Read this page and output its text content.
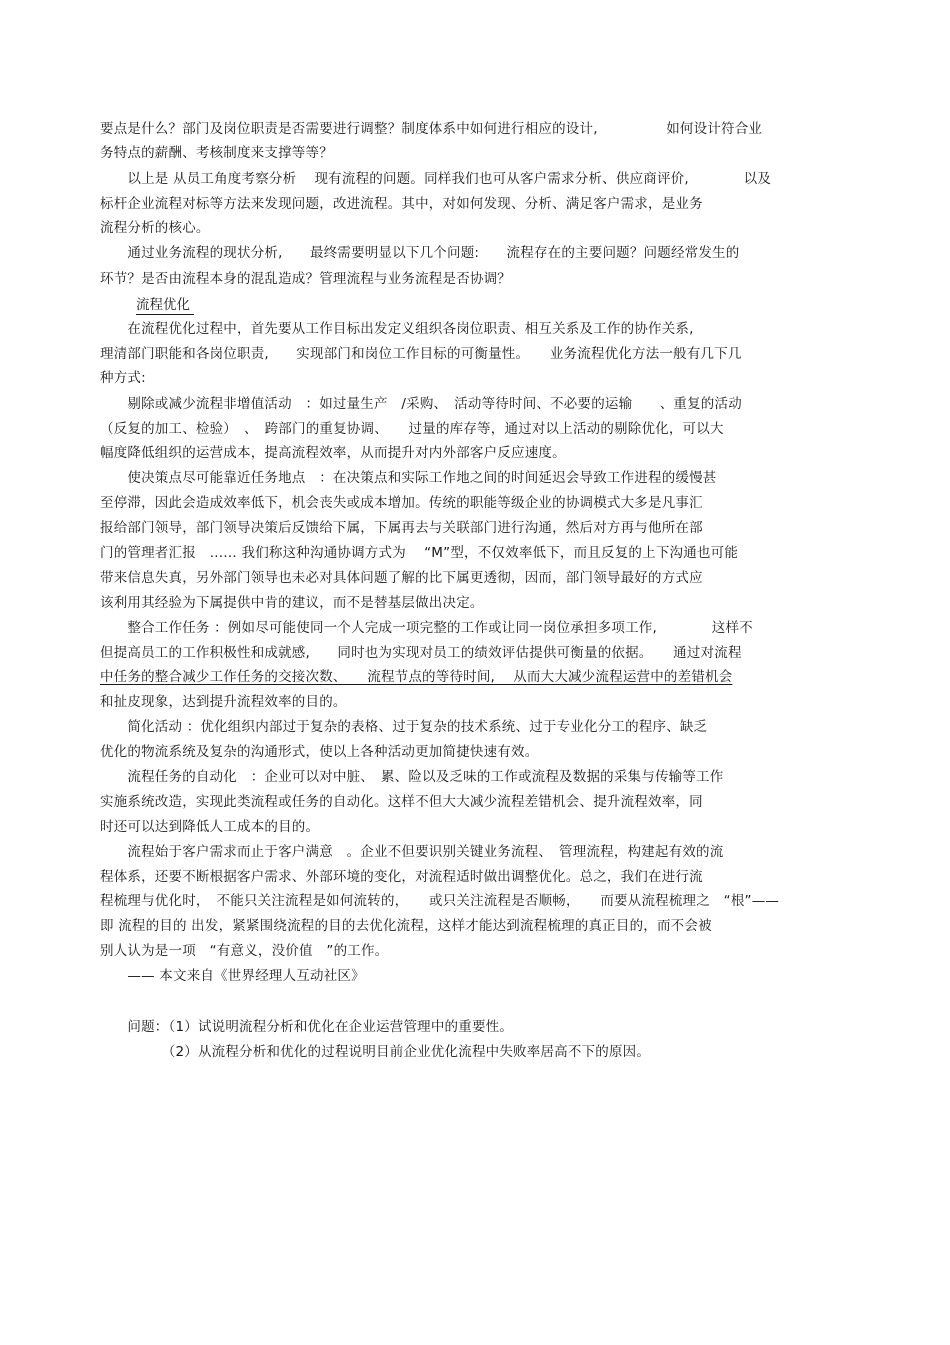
要点是什么？部门及岗位职责是否需要进行调整？制度体系中如何进行相应的设计,　　　　　如何设计符合业
务特点的薪酬、考核制度来支撑等等？
　　以上是 从员工角度考察分析　 现有流程的问题。同样我们也可从客户需求分析、供应商评价,　　　　以及
标杆企业流程对标等方法来发现问题，改进流程。其中，对如何发现、分析、满足客户需求，是业务
流程分析的核心。
　　通过业务流程的现状分析,　　最终需要明显以下几个问题:　　流程存在的主要问题？问题经常发生的
环节？是否由流程本身的混乱造成？管理流程与业务流程是否协调？
流程优化
　　在流程优化过程中，首先要从工作目标出发定义组织各岗位职责、相互关系及工作的协作关系,
理清部门职能和各岗位职责,　　实现部门和岗位工作目标的可衡量性。　　业务流程优化方法一般有几下几
种方式:
　　剔除或减少流程非增值活动　：如过量生产　/采购、　活动等待时间、不必要的运输　　、重复的活动
（反复的加工、检验）　、　跨部门的重复协调、　　过量的库存等，通过对以上活动的剔除优化，可以大
幅度降低组织的运营成本，提高流程效率，从而提升对内外部客户反应速度。
　　使决策点尽可能靠近任务地点　：在决策点和实际工作地之间的时间延迟会导致工作进程的缓慢甚
至停滞，因此会造成效率低下，机会丧失或成本增加。传统的职能等级企业的协调模式大多是凡事汇
报给部门领导，部门领导决策后反馈给下属，下属再去与关联部门进行沟通，然后对方再与他所在部
门的管理者汇报　…… 我们称这种沟通协调方式为　 “M”型，不仅效率低下，而且反复的上下沟通也可能
带来信息失真，另外部门领导也未必对具体问题了解的比下属更透彻，因而，部门领导最好的方式应
该利用其经验为下属提供中肯的建议，而不是替基层做出决定。
　　整合工作任务 ：例如尽可能使同一个人完成一项完整的工作或让同一岗位承担多项工作,　　　　这样不
但提高员工的工作积极性和成就感,　　同时也为实现对员工的绩效评估提供可衡量的依据。　　通过对流程
中任务的整合减少工作任务的交接次数、　　流程节点的等待时间,　 从而大大减少流程运营中的差错机会
和扯皮现象，达到提升流程效率的目的。
　　简化活动 ：优化组织内部过于复杂的表格、过于复杂的技术系统、过于专业化分工的程序、缺乏
优化的物流系统及复杂的沟通形式，使以上各种活动更加简捷快速有效。
　　流程任务的自动化　：企业可以对中脏、　累、险以及乏味的工作或流程及数据的采集与传输等工作
实施系统改造，实现此类流程或任务的自动化。这样不但大大减少流程差错机会、提升流程效率，同
时还可以达到降低人工成本的目的。
　　流程始于客户需求而止于客户满意　。企业不但要识别关键业务流程、　管理流程，构建起有效的流
程体系，还要不断根据客户需求、外部环境的变化，对流程适时做出调整优化。总之，我们在进行流
程梳理与优化时，　不能只关注流程是如何流转的，　　或只关注流程是否顺畅，　　而要从流程梳理之　“根”——
即 流程的目的 出发，紧紧围绕流程的目的去优化流程，这样才能达到流程梳理的真正目的，而不会被
别人认为是一项　“有意义，没价值　”的工作。
　　—— 本文来自《世界经理人互动社区》
　　问题：（1）试说明流程分析和优化在企业运营管理中的重要性。
　　　　　（2）从流程分析和优化的过程说明目前企业优化流程中失败率居高不下的原因。
